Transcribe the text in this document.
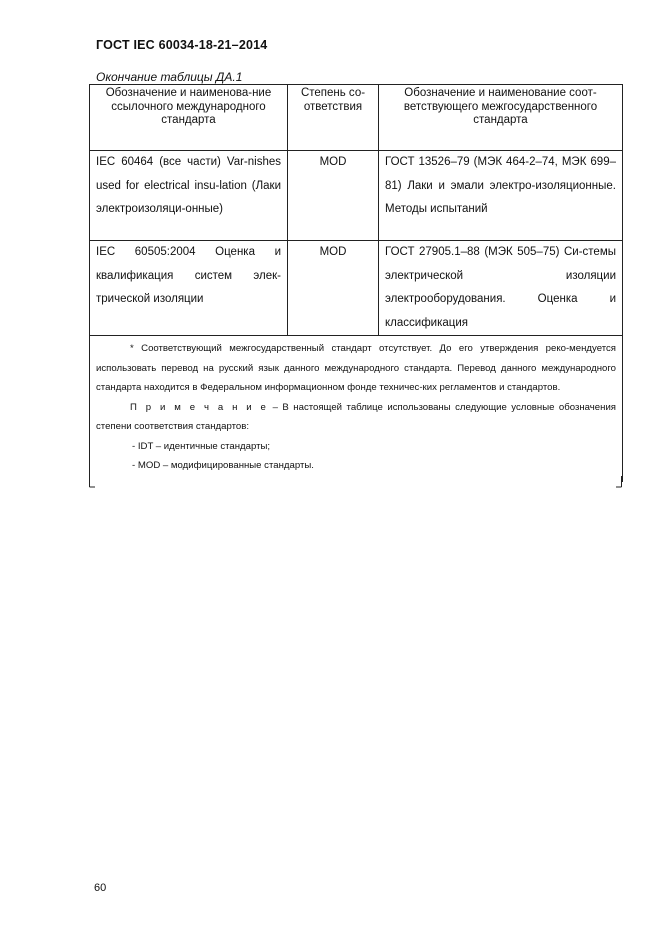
ГОСТ IEC 60034-18-21–2014
Окончание таблицы ДА.1
Обозначение и наименова-ние ссылочного международного стандарта	Степень со-ответствия	Обозначение и наименование соот-ветствующего межгосударственного стандарта

IEC 60464 (все части) Var-nishes used for electrical insu-lation (Лаки электроизоляци-онные)	MOD	ГОСТ 13526–79 (МЭК 464-2–74, МЭК 699–81) Лаки и эмали электро-изоляционные. Методы испытаний

IEC 60505:2004 Оценка и квалификация систем элек-трической изоляции	MOD	ГОСТ 27905.1–88 (МЭК 505–75) Си-стемы электрической изоляции электрооборудования. Оценка и классификация

* Соответствующий межгосударственный стандарт отсутствует. До его утверждения реко-мендуется использовать перевод на русский язык данного международного стандарта. Перевод данного международного стандарта находится в Федеральном информационном фонде техничес-ких регламентов и стандартов.
П р и м е ч а н и е – В настоящей таблице использованы следующие условные обозначения степени соответствия стандартов:
- IDT – идентичные стандарты;
- MOD – модифицированные стандарты.		
60
